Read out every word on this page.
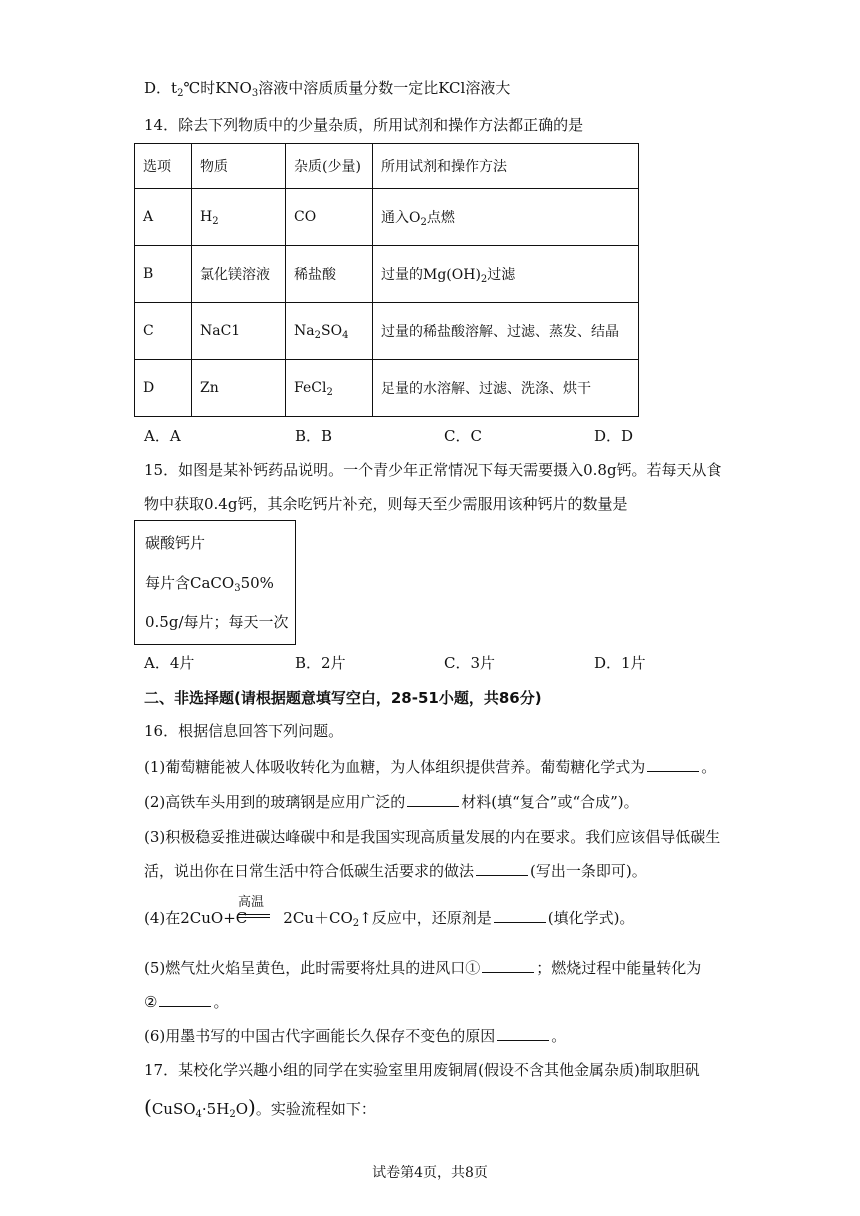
D．$t_2℃$时$KNO_3$溶液中溶质质量分数一定比KCl溶液大
14．除去下列物质中的少量杂质，所用试剂和操作方法都正确的是
选项	物质	杂质(少量)	所用试剂和操作方法
A	$H_2$	CO	通入$O_2$点燃
B	氯化镁溶液	稀盐酸	过量的$Mg(OH)_2$过滤
C	NaC1	$Na_2SO_4$	过量的稀盐酸溶解、过滤、蒸发、结晶
D	Zn	FeCl$_2$	足量的水溶解、过滤、洗涤、烘干
A．A	B．B	C．C	D．D
15．如图是某补钙药品说明。一个青少年正常情况下每天需要摄入0.8g钙。若每天从食
物中获取0.4g钙，其余吃钙片补充，则每天至少需服用该种钙片的数量是
碳酸钙片
每片含CaCO$_3$50%
0.5g/每片；每天一次
A．4片	B．2片	C．3片	D．1片
二、非选择题(请根据题意填写空白，28-51小题，共86分)
16．根据信息回答下列问题。
(1)葡萄糖能被人体吸收转化为血糖，为人体组织提供营养。葡萄糖化学式为	。
(2)高铁车头用到的玻璃钢是应用广泛的	材料(填“复合”或“合成”)。
(3)积极稳妥推进碳达峰碳中和是我国实现高质量发展的内在要求。我们应该倡导低碳生
活，说出你在日常生活中符合低碳生活要求的做法	(写出一条即可)。
(4)在2CuO+C $2Cu+CO_2↑$反应中，还原剂是	(填化学式)。
高温
(5)燃气灶火焰呈黄色，此时需要将灶具的进风口①	；燃烧过程中能量转化为
②	。
(6)用墨书写的中国古代字画能长久保存不变色的原因	。
17．某校化学兴趣小组的同学在实验室里用废铜屑(假设不含其他金属杂质)制取胆矾
$(CuSO_4\cdot 5H_2O)$。实验流程如下：
试卷第4页，共8页
